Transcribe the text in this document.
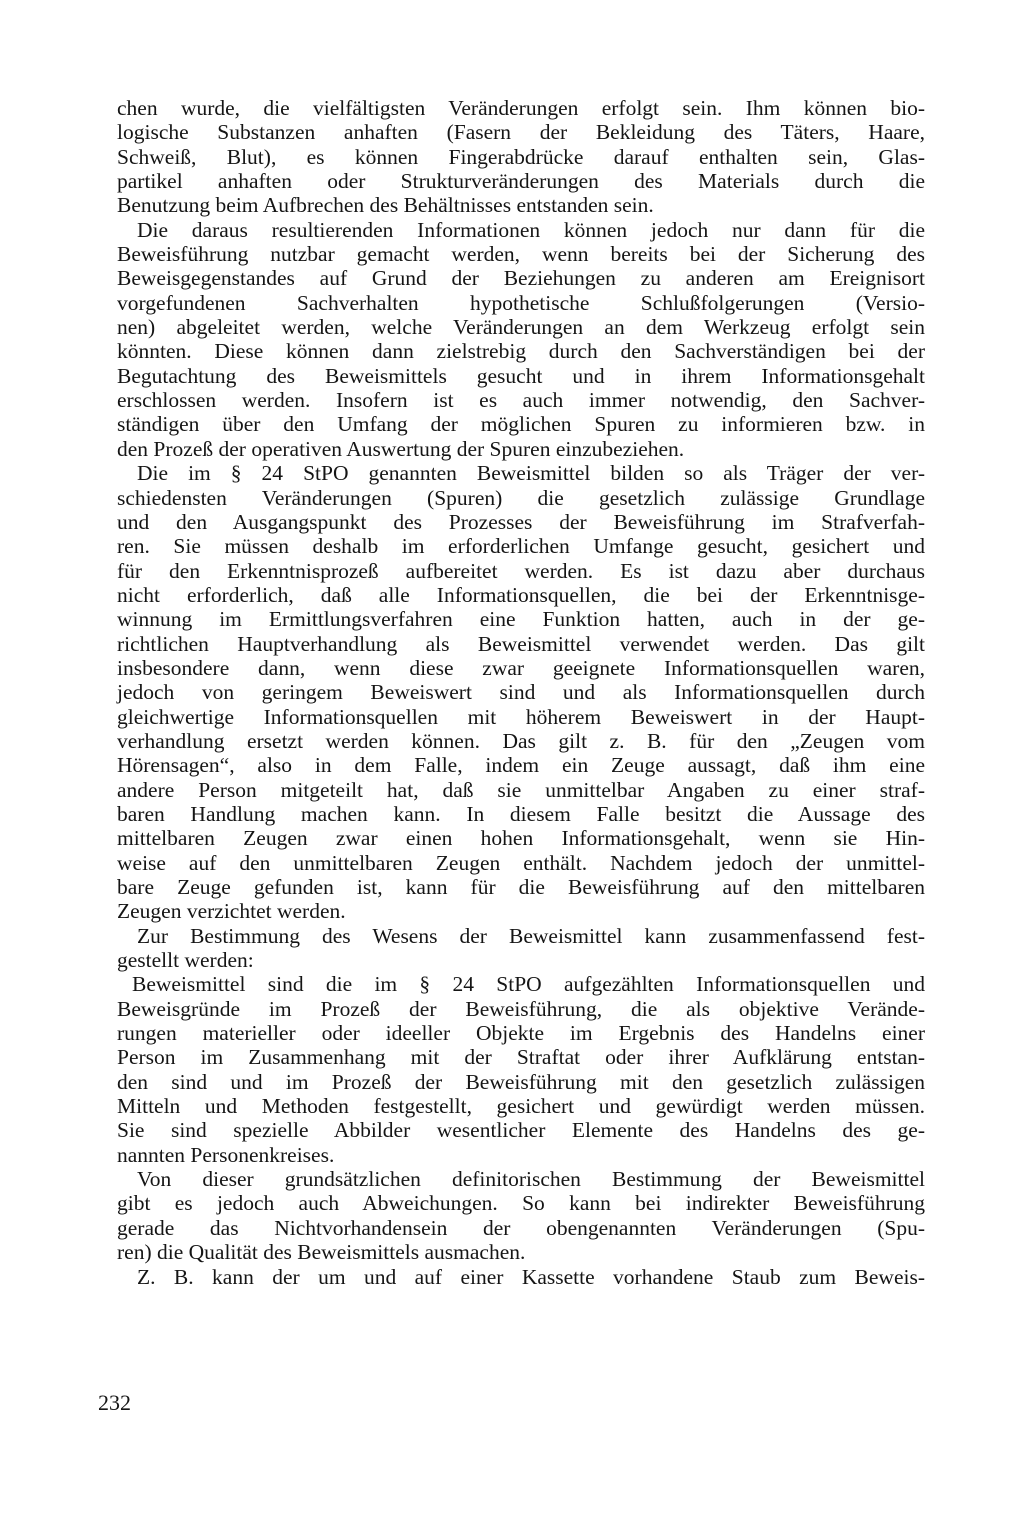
chen wurde, die vielfältigsten Veränderungen erfolgt sein. Ihm können bio-
logische Substanzen anhaften (Fasern der Bekleidung des Täters, Haare,
Schweiß, Blut), es können Fingerabdrücke darauf enthalten sein, Glas-
partikel anhaften oder Strukturveränderungen des Materials durch die
Benutzung beim Aufbrechen des Behältnisses entstanden sein.

Die daraus resultierenden Informationen können jedoch nur dann für die
Beweisführung nutzbar gemacht werden, wenn bereits bei der Sicherung des
Beweisgegenstandes auf Grund der Beziehungen zu anderen am Ereignisort
vorgefundenen Sachverhalten hypothetische Schlußfolgerungen (Versio-
nen) abgeleitet werden, welche Veränderungen an dem Werkzeug erfolgt sein
könnten. Diese können dann zielstrebig durch den Sachverständigen bei der
Begutachtung des Beweismittels gesucht und in ihrem Informationsgehalt
erschlossen werden. Insofern ist es auch immer notwendig, den Sachver-
ständigen über den Umfang der möglichen Spuren zu informieren bzw. in
den Prozeß der operativen Auswertung der Spuren einzubeziehen.

Die im § 24 StPO genannten Beweismittel bilden so als Träger der ver-
schiedensten Veränderungen (Spuren) die gesetzlich zulässige Grundlage
und den Ausgangspunkt des Prozesses der Beweisführung im Strafverfah-
ren. Sie müssen deshalb im erforderlichen Umfange gesucht, gesichert und
für den Erkenntnisprozeß aufbereitet werden. Es ist dazu aber durchaus
nicht erforderlich, daß alle Informationsquellen, die bei der Erkenntnisge-
winnung im Ermittlungsverfahren eine Funktion hatten, auch in der ge-
richtlichen Hauptverhandlung als Beweismittel verwendet werden. Das gilt
insbesondere dann, wenn diese zwar geeignete Informationsquellen waren,
jedoch von geringem Beweiswert sind und als Informationsquellen durch
gleichwertige Informationsquellen mit höherem Beweiswert in der Haupt-
verhandlung ersetzt werden können. Das gilt z. B. für den „Zeugen vom
Hörensagen“, also in dem Falle, indem ein Zeuge aussagt, daß ihm eine
andere Person mitgeteilt hat, daß sie unmittelbar Angaben zu einer straf-
baren Handlung machen kann. In diesem Falle besitzt die Aussage des
mittelbaren Zeugen zwar einen hohen Informationsgehalt, wenn sie Hin-
weise auf den unmittelbaren Zeugen enthält. Nachdem jedoch der unmittel-
bare Zeuge gefunden ist, kann für die Beweisführung auf den mittelbaren
Zeugen verzichtet werden.

Zur Bestimmung des Wesens der Beweismittel kann zusammenfassend fest-
gestellt werden:

Beweismittel sind die im § 24 StPO aufgezählten Informationsquellen und
Beweisgründe im Prozeß der Beweisführung, die als objektive Verände-
rungen materieller oder ideeller Objekte im Ergebnis des Handelns einer
Person im Zusammenhang mit der Straftat oder ihrer Aufklärung entstan-
den sind und im Prozeß der Beweisführung mit den gesetzlich zulässigen
Mitteln und Methoden festgestellt, gesichert und gewürdigt werden müssen.
Sie sind spezielle Abbilder wesentlicher Elemente des Handelns des ge-
nannten Personenkreises.

Von dieser grundsätzlichen definitorischen Bestimmung der Beweismittel
gibt es jedoch auch Abweichungen. So kann bei indirekter Beweisführung
gerade das Nichtvorhandensein der obengenannten Veränderungen (Spu-
ren) die Qualität des Beweismittels ausmachen.

Z. B. kann der um und auf einer Kassette vorhandene Staub zum Beweis-

232
